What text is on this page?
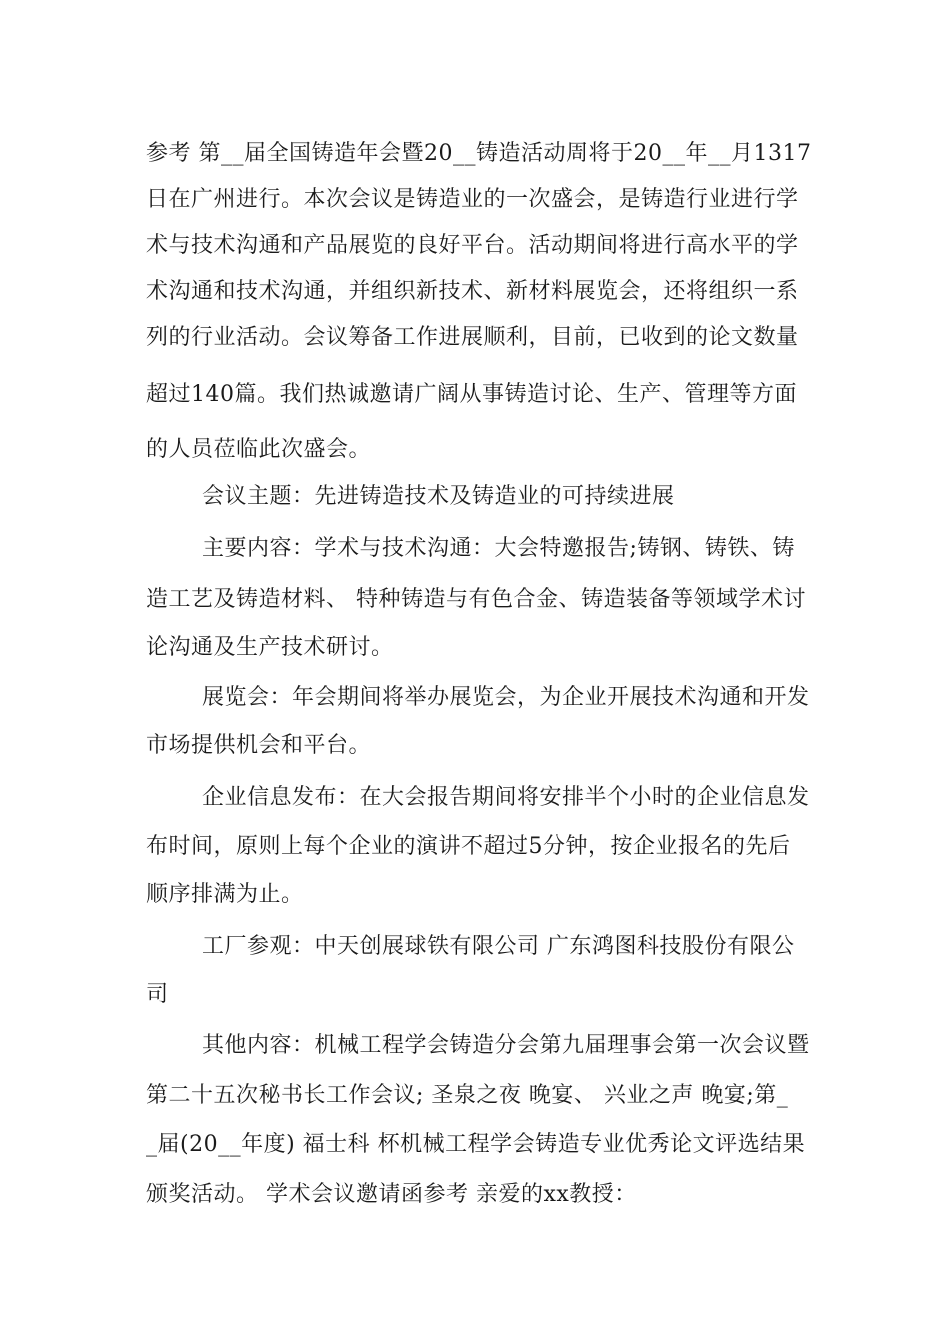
参考 第__届全国铸造年会暨20__铸造活动周将于20__年__月1317
日在广州进行。本次会议是铸造业的一次盛会，是铸造行业进行学
术与技术沟通和产品展览的良好平台。活动期间将进行高水平的学
术沟通和技术沟通，并组织新技术、新材料展览会，还将组织一系
列的行业活动。会议筹备工作进展顺利，目前，已收到的论文数量
超过140篇。我们热诚邀请广阔从事铸造讨论、生产、管理等方面
的人员莅临此次盛会。
会议主题：先进铸造技术及铸造业的可持续进展
主要内容：学术与技术沟通：大会特邀报告;铸钢、铸铁、铸
造工艺及铸造材料、 特种铸造与有色合金、铸造装备等领域学术讨
论沟通及生产技术研讨。
展览会：年会期间将举办展览会，为企业开展技术沟通和开发
市场提供机会和平台。
企业信息发布：在大会报告期间将安排半个小时的企业信息发
布时间，原则上每个企业的演讲不超过5分钟，按企业报名的先后
顺序排满为止。
工厂参观：中天创展球铁有限公司 广东鸿图科技股份有限公
司
其他内容：机械工程学会铸造分会第九届理事会第一次会议暨
第二十五次秘书长工作会议; 圣泉之夜 晚宴、 兴业之声 晚宴;第_
_届(20__年度) 福士科 杯机械工程学会铸造专业优秀论文评选结果
颁奖活动。 学术会议邀请函参考 亲爱的xx教授：
